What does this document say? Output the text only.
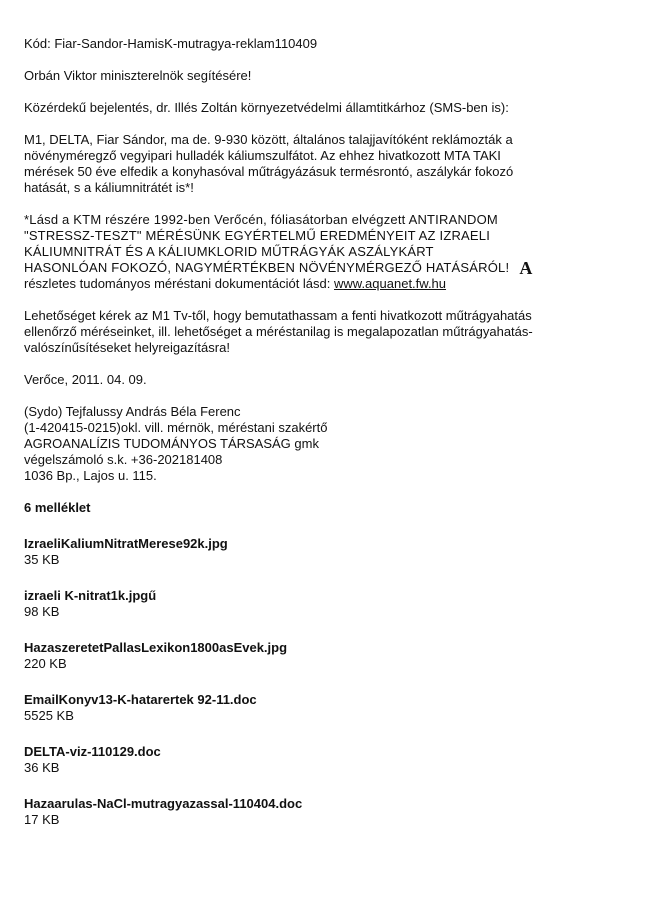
Kód: Fiar-Sandor-HamisK-mutragya-reklam110409
Orbán Viktor miniszterelnök segítésére!
Közérdekű bejelentés, dr. Illés Zoltán környezetvédelmi államtitkárhoz (SMS-ben is):
M1, DELTA, Fiar Sándor, ma de. 9-930 között, általános talajjavítóként reklámozták a
növényméregző vegyipari hulladék káliumszulfátot. Az ehhez hivatkozott MTA TAKI
mérések 50 éve elfedik a konyhasóval műtrágyázásuk termésrontó, aszálykár fokozó
hatását, s a káliumnitrátét is*!
*Lásd a KTM részére 1992-ben Verőcén, fóliasátorban elvégzett ANTIRANDOM
"STRESSZ-TESZT" MÉRÉSÜNK EGYÉRTELMŰ EREDMÉNYEIT AZ IZRAELI
KÁLIUMNITRÁT ÉS A KÁLIUMKLORID MŰTRÁGYÁK ASZÁLYKÁRT
HASONLÓAN FOKOZÓ, NAGYMÉRTÉKBEN NÖVÉNYMÉRGEZŐ HATÁSÁRÓL! A
részletes tudományos méréstani dokumentációt lásd: www.aquanet.fw.hu
Lehetőséget kérek az M1 Tv-től, hogy bemutathassam a fenti hivatkozott műtrágyahatás
ellenőrző méréseinket, ill. lehetőséget a méréstanilag is megalapozatlan műtrágyahatás-
valószínűsítéseket helyreigazításra!
Verőce, 2011. 04. 09.
(Sydo) Tejfalussy András Béla Ferenc
(1-420415-0215)okl. vill. mérnök, méréstani szakértő
AGROANALÍZIS TUDOMÁNYOS TÁRSASÁG gmk
végelszámoló s.k. +36-202181408
1036 Bp., Lajos u. 115.
6 melléklet
IzraeliKaliumNitratMerese92k.jpg
35 KB
izraeli K-nitrat1k.jpgű
98 KB
HazaszeretetPallasLexikon1800asEvek.jpg
220 KB
EmailKonyv13-K-hatarertek 92-11.doc
5525 KB
DELTA-viz-110129.doc
36 KB
Hazaarulas-NaCl-mutragyazassal-110404.doc
17 KB
